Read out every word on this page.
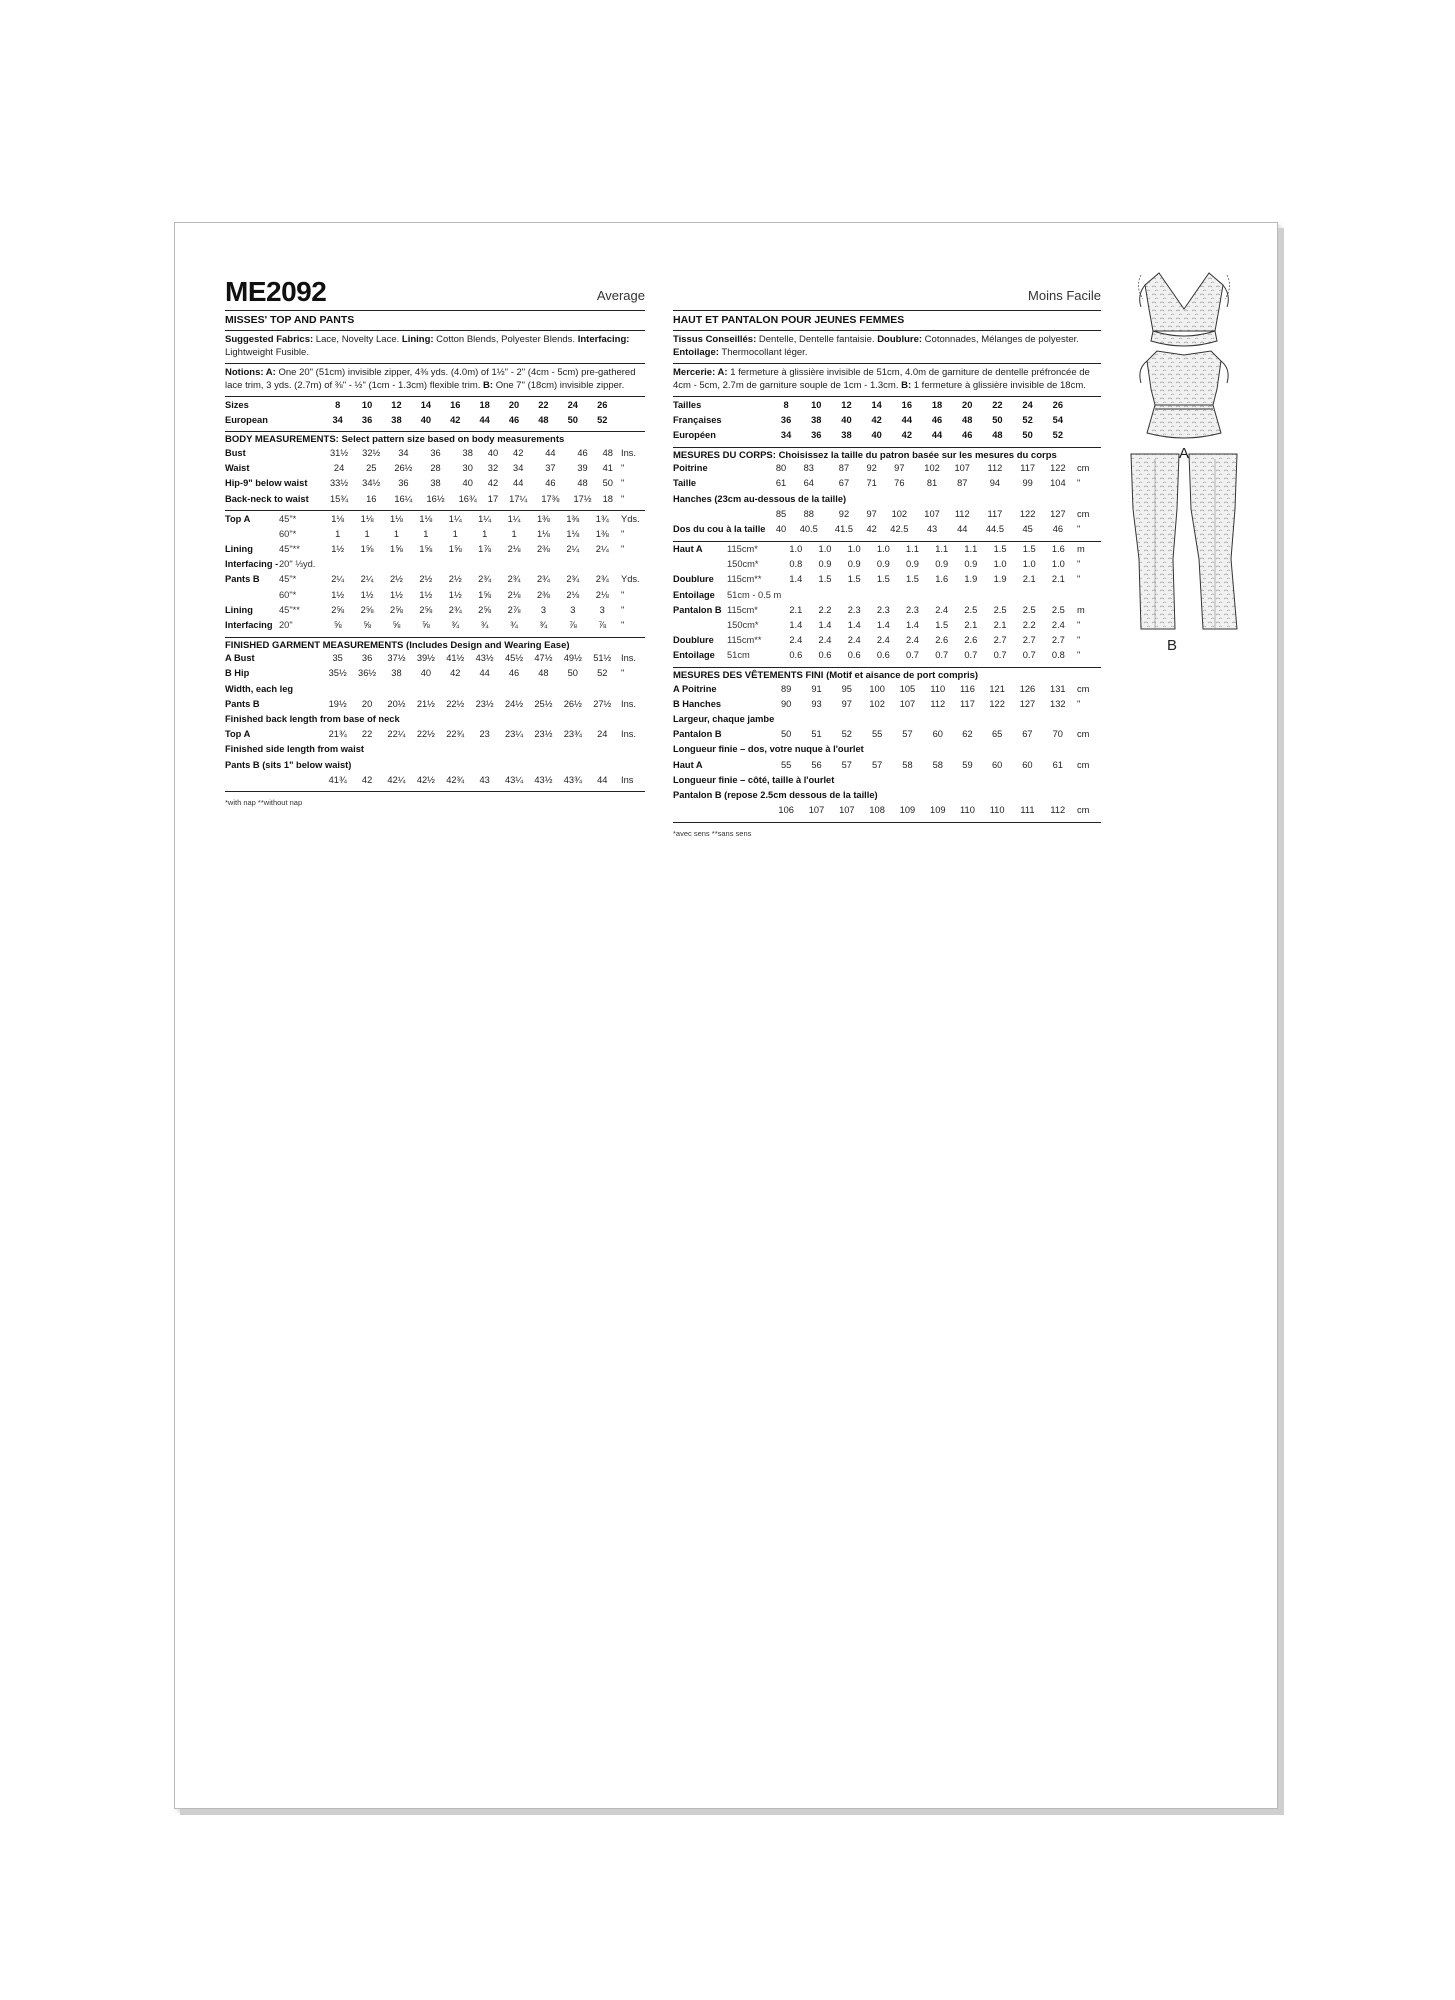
ME2092	Average
MISSES' TOP AND PANTS
Suggested Fabrics: Lace, Novelty Lace. Lining: Cotton Blends, Polyester Blends. Interfacing: Lightweight Fusible.
Notions: A: One 20" (51cm) invisible zipper, 4⅜ yds. (4.0m) of 1½" - 2" (4cm - 5cm) pre-gathered lace trim, 3 yds. (2.7m) of ⅜" - ½" (1cm - 1.3cm) flexible trim. B: One 7" (18cm) invisible zipper.
Sizes	8	10	12	14	16	18	20	22	24	26	
European	34	36	38	40	42	44	46	48	50	52	
BODY MEASUREMENTS: Select pattern size based on body measurements
Bust	31½	32½	34	36	38	40	42	44	46	48	Ins.
Waist	24	25	26½	28	30	32	34	37	39	41	"
Hip-9" below waist	33½	34½	36	38	40	42	44	46	48	50	"
Back-neck to waist	15¾	16	16¼	16½	16¾	17	17¼	17⅜	17½	18	"
Top A	45"*	1⅛	1⅛	1⅛	1⅛	1¼	1¼	1¼	1⅜	1⅜	1¾	Yds.
	60"*	1	1	1	1	1	1	1	1⅛	1⅛	1⅜	"
Lining	45"**	1½	1⅝	1⅝	1⅝	1⅝	1⅞	2⅛	2⅜	2¼	2¼	"
Interfacing -	20" ⅓yd.											
Pants B	45"*	2¼	2¼	2½	2½	2½	2¾	2¾	2¾	2¾	2¾	Yds.
	60"*	1½	1½	1½	1½	1½	1⅝	2⅛	2⅜	2⅛	2⅛	"
Lining	45"**	2⅝	2⅝	2⅝	2⅝	2¾	2⅝	2⅞	3	3	3	"
Interfacing	20"	⅝	⅝	⅝	⅝	¾	¾	¾	¾	⅞	⅞	"
FINISHED GARMENT MEASUREMENTS (Includes Design and Wearing Ease)
A Bust	35	36	37½	39½	41½	43½	45½	47½	49½	51½	Ins.
B Hip	35½	36½	38	40	42	44	46	48	50	52	"
Width, each leg											
Pants B	19½	20	20½	21½	22½	23½	24½	25½	26½	27½	Ins.
Finished back length from base of neck											
Top A	21¾	22	22¼	22½	22¾	23	23¼	23½	23¾	24	Ins.
Finished side length from waist											
Pants B (sits 1" below waist)											
	41¾	42	42¼	42½	42¾	43	43¼	43½	43¾	44	Ins
*with nap **without nap
Moins Facile
HAUT ET PANTALON POUR JEUNES FEMMES
Tissus Conseillés: Dentelle, Dentelle fantaisie. Doublure: Cotonnades, Mélanges de polyester. Entoilage: Thermocollant léger.
Mercerie: A: 1 fermeture à glissière invisible de 51cm, 4.0m de garniture de dentelle préfroncée de 4cm - 5cm, 2.7m de garniture souple de 1cm - 1.3cm. B: 1 fermeture à glissière invisible de 18cm.
Tailles	8	10	12	14	16	18	20	22	24	26	
Françaises	36	38	40	42	44	46	48	50	52	54	
Européen	34	36	38	40	42	44	46	48	50	52	
MESURES DU CORPS: Choisissez la taille du patron basée sur les mesures du corps
Poitrine	80	83	87	92	97	102	107	112	117	122	cm
Taille	61	64	67	71	76	81	87	94	99	104	"
Hanches (23cm au-dessous de la taille)											
	85	88	92	97	102	107	112	117	122	127	cm
Dos du cou à la taille	40	40.5	41.5	42	42.5	43	44	44.5	45	46	"
Haut A	115cm*	1.0	1.0	1.0	1.0	1.1	1.1	1.1	1.5	1.5	1.6	m
	150cm*	0.8	0.9	0.9	0.9	0.9	0.9	0.9	1.0	1.0	1.0	"
Doublure	115cm**	1.4	1.5	1.5	1.5	1.5	1.6	1.9	1.9	2.1	2.1	"
Entoilage	51cm - 0.5 m											
Pantalon B	115cm*	2.1	2.2	2.3	2.3	2.3	2.4	2.5	2.5	2.5	2.5	m
	150cm*	1.4	1.4	1.4	1.4	1.4	1.5	2.1	2.1	2.2	2.4	"
Doublure	115cm**	2.4	2.4	2.4	2.4	2.4	2.6	2.6	2.7	2.7	2.7	"
Entoilage	51cm	0.6	0.6	0.6	0.6	0.7	0.7	0.7	0.7	0.7	0.8	"
MESURES DES VÊTEMENTS FINI (Motif et aisance de port compris)
A Poitrine	89	91	95	100	105	110	116	121	126	131	cm
B Hanches	90	93	97	102	107	112	117	122	127	132	"
Largeur, chaque jambe											
Pantalon B	50	51	52	55	57	60	62	65	67	70	cm
Longueur finie – dos, votre nuque à l'ourlet											
Haut A	55	56	57	57	58	58	59	60	60	61	cm
Longueur finie – côté, taille à l'ourlet											
Pantalon B (repose 2.5cm dessous de la taille)											
	106	107	107	108	109	109	110	110	111	112	cm
*avec sens **sans sens
A
B
